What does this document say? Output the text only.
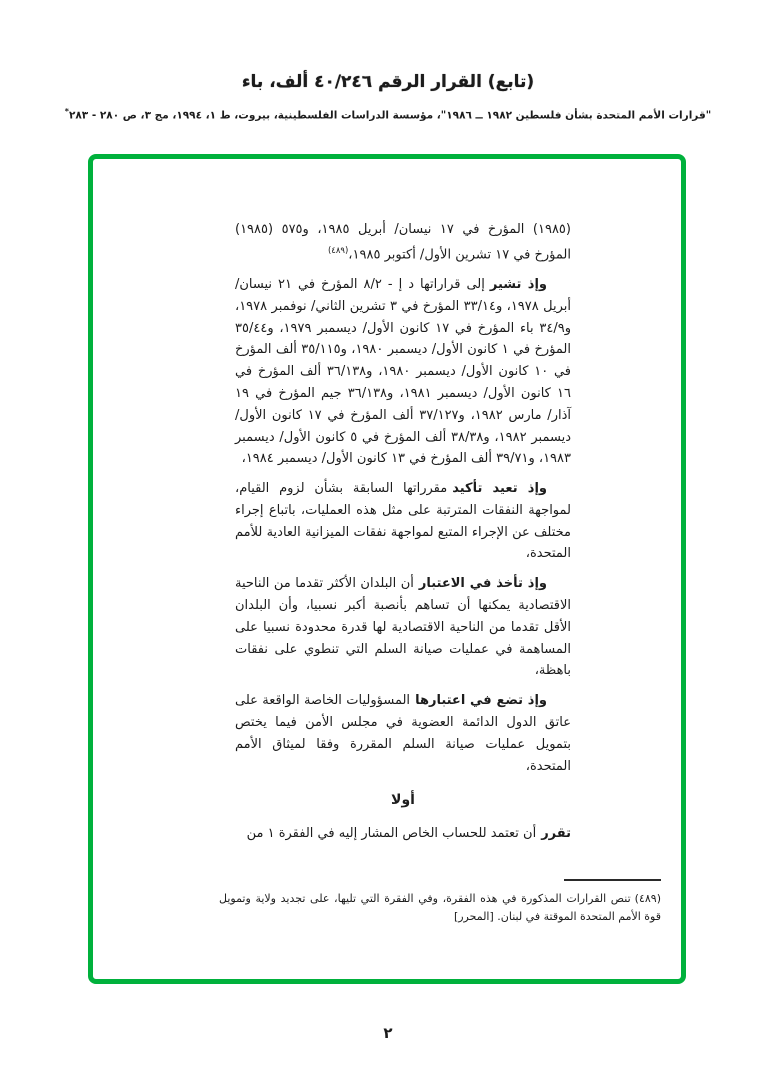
(تابع) القرار الرقم ٤٠/٢٤٦ ألف، باء
"قرارات الأمم المتحدة بشأن فلسطين ١٩٨٢ ــ ١٩٨٦"، مؤسسة الدراسات الفلسطينية، بيروت، ط ١، ١٩٩٤، مج ٣، ص ٢٨٠ - ٢٨٣*

(١٩٨٥) المؤرخ في ١٧ نيسان/ أبريل ١٩٨٥، و٥٧٥ (١٩٨٥) المؤرخ في ١٧ تشرين الأول/ أكتوبر ١٩٨٥،$^{(٤٨٩)}$

وإذ تشيرإلى قراراتها د إ - ٨/٢ المؤرخ في ٢١ نيسان/ أبريل ١٩٧٨، و٣٣/١٤ المؤرخ في ٣ تشرين الثاني/ نوفمبر ١٩٧٨، و٣٤/٩ باء المؤرخ في ١٧ كانون الأول/ ديسمبر ١٩٧٩، و٣٥/٤٤ المؤرخ في ١ كانون الأول/ ديسمبر ١٩٨٠، و٣٥/١١٥ ألف المؤرخ في ١٠ كانون الأول/ ديسمبر ١٩٨٠، و٣٦/١٣٨ ألف المؤرخ في ١٦ كانون الأول/ ديسمبر ١٩٨١، و٣٦/١٣٨ جيم المؤرخ في ١٩ آذار/ مارس ١٩٨٢، و٣٧/١٢٧ ألف المؤرخ في ١٧ كانون الأول/ ديسمبر ١٩٨٢، و٣٨/٣٨ ألف المؤرخ في ٥ كانون الأول/ ديسمبر ١٩٨٣، و٣٩/٧١ ألف المؤرخ في ١٣ كانون الأول/ ديسمبر ١٩٨٤،

وإذ تعيد تأكيدمقرراتها السابقة بشأن لزوم القيام، لمواجهة النفقات المترتبة على مثل هذه العمليات، باتباع إجراء مختلف عن الإجراء المتبع لمواجهة نفقات الميزانية العادية للأمم المتحدة،

وإذ تأخذ في الاعتبارأن البلدان الأكثر تقدما من الناحية الاقتصادية يمكنها أن تساهم بأنصبة أكبر نسبيا، وأن البلدان الأقل تقدما من الناحية الاقتصادية لها قدرة محدودة نسبيا على المساهمة في عمليات صيانة السلم التي تنطوي على نفقات باهظة،

وإذ تضع في اعتبارهاالمسؤوليات الخاصة الواقعة على عاتق الدول الدائمة العضوية في مجلس الأمن فيما يختص بتمويل عمليات صيانة السلم المقررة وفقا لميثاق الأمم المتحدة،

أولا

تقررأن تعتمد للحساب الخاص المشار إليه في الفقرة ١ من

(٤٨٩)تنص القرارات المذكورة في هذه الفقرة، وفي الفقرة التي تليها، على تجديد ولاية وتمويل قوة الأمم المتحدة الموقتة في لبنان. [المحرر]
٢
